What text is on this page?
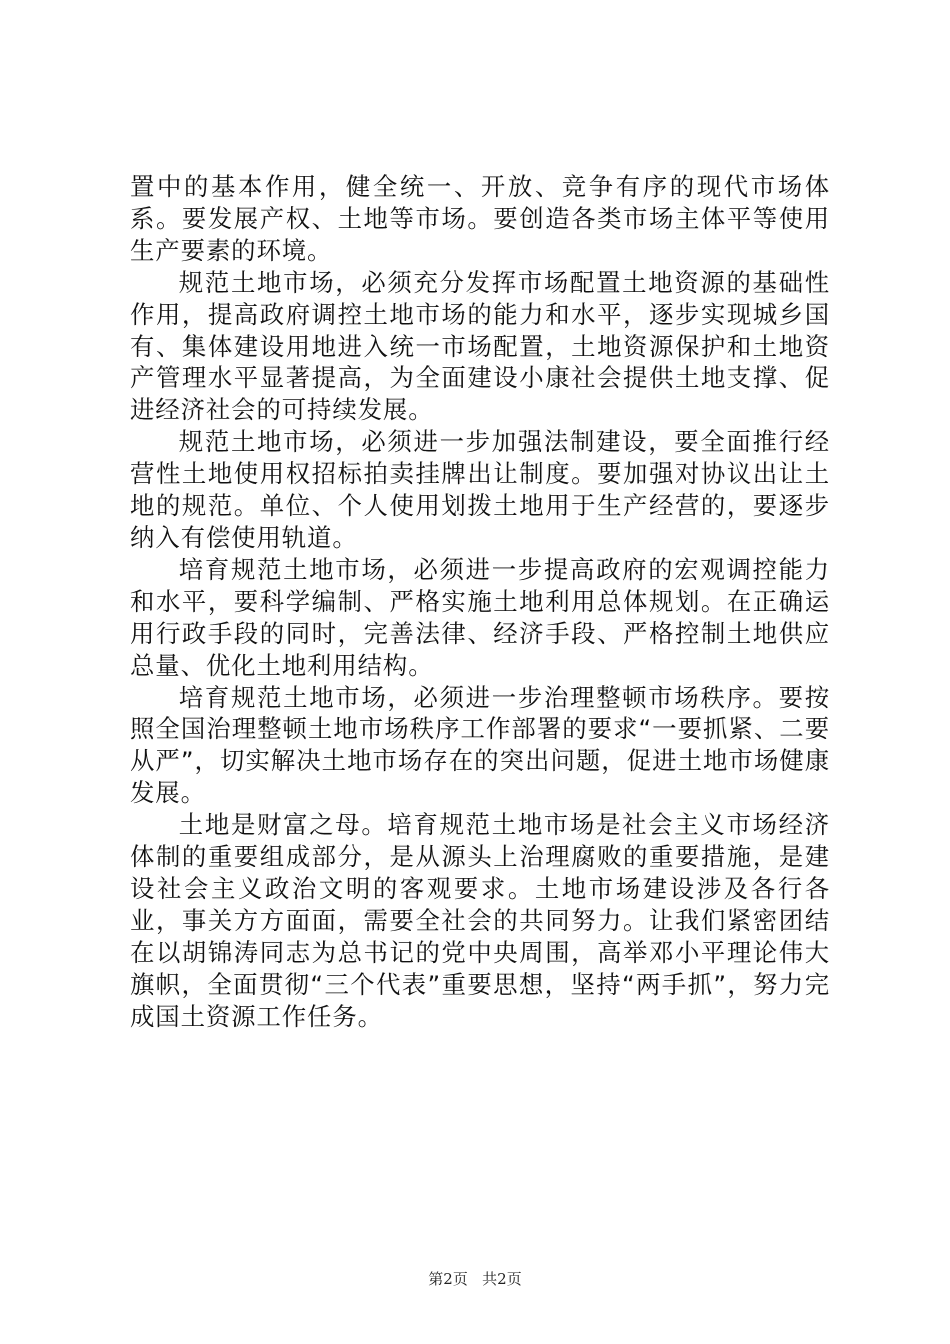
置中的基本作用，健全统一、开放、竞争有序的现代市场体系。要发展产权、土地等市场。要创造各类市场主体平等使用生产要素的环境。

规范土地市场，必须充分发挥市场配置土地资源的基础性作用，提高政府调控土地市场的能力和水平，逐步实现城乡国有、集体建设用地进入统一市场配置，土地资源保护和土地资产管理水平显著提高，为全面建设小康社会提供土地支撑、促进经济社会的可持续发展。

规范土地市场，必须进一步加强法制建设，要全面推行经营性土地使用权招标拍卖挂牌出让制度。要加强对协议出让土地的规范。单位、个人使用划拨土地用于生产经营的，要逐步纳入有偿使用轨道。

培育规范土地市场，必须进一步提高政府的宏观调控能力和水平，要科学编制、严格实施土地利用总体规划。在正确运用行政手段的同时，完善法律、经济手段、严格控制土地供应总量、优化土地利用结构。

培育规范土地市场，必须进一步治理整顿市场秩序。要按照全国治理整顿土地市场秩序工作部署的要求“一要抓紧、二要从严”，切实解决土地市场存在的突出问题，促进土地市场健康发展。

土地是财富之母。培育规范土地市场是社会主义市场经济体制的重要组成部分，是从源头上治理腐败的重要措施，是建设社会主义政治文明的客观要求。土地市场建设涉及各行各业，事关方方面面，需要全社会的共同努力。让我们紧密团结在以胡锦涛同志为总书记的党中央周围，高举邓小平理论伟大旗帜，全面贯彻“三个代表”重要思想，坚持“两手抓”，努力完成国土资源工作任务。

第2页 共2页
